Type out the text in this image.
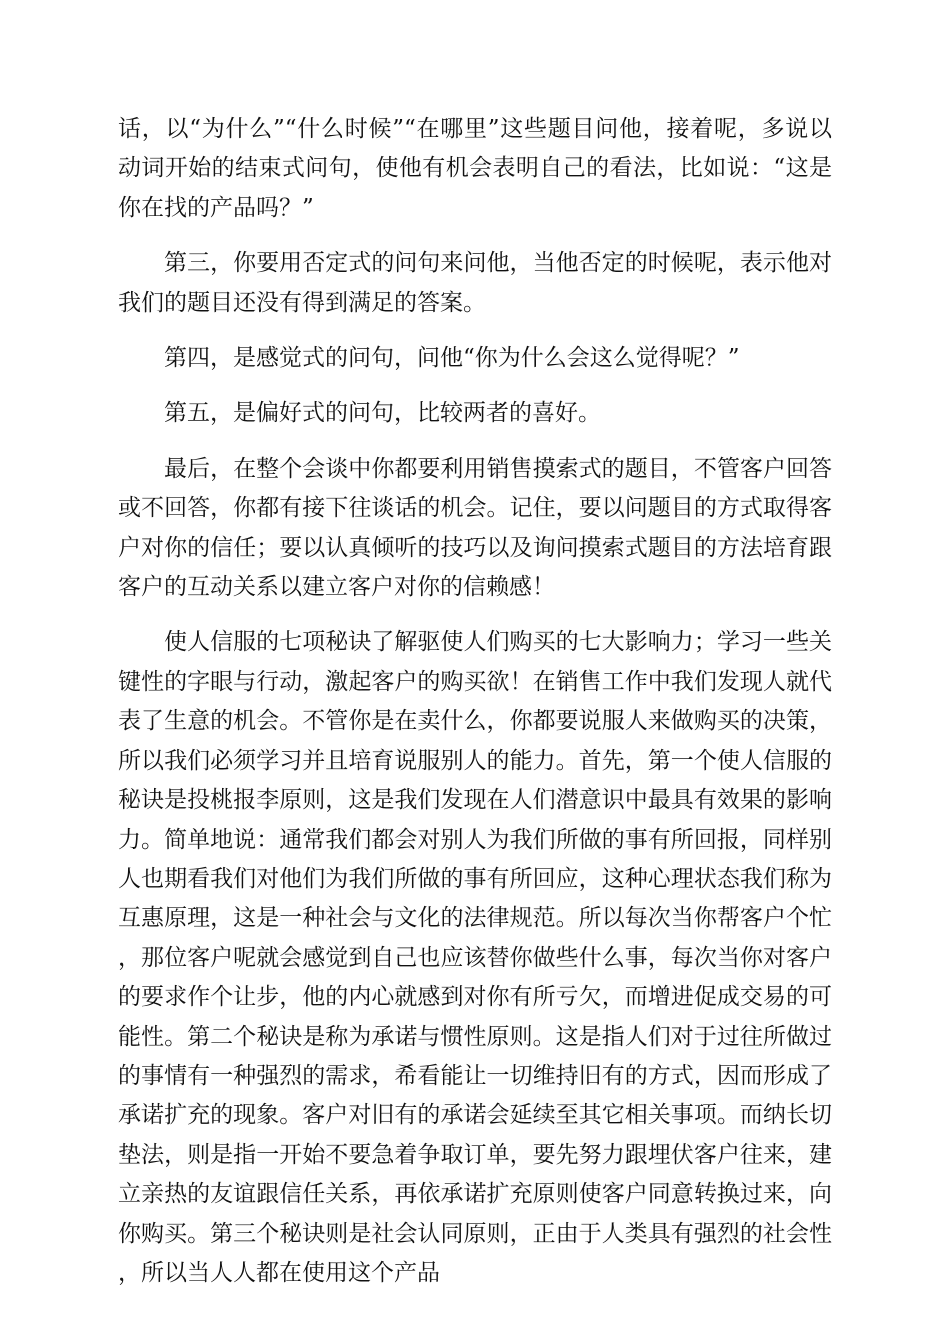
话，以“为什么”“什么时候”“在哪里”这些题目问他，接着呢，多说以动词开始的结束式问句，使他有机会表明自己的看法，比如说：“这是你在找的产品吗？”

第三，你要用否定式的问句来问他，当他否定的时候呢，表示他对我们的题目还没有得到满足的答案。

第四，是感觉式的问句，问他“你为什么会这么觉得呢？”

第五，是偏好式的问句，比较两者的喜好。

最后，在整个会谈中你都要利用销售摸索式的题目，不管客户回答或不回答，你都有接下往谈话的机会。记住，要以问题目的方式取得客户对你的信任；要以认真倾听的技巧以及询问摸索式题目的方法培育跟客户的互动关系以建立客户对你的信赖感！

使人信服的七项秘诀了解驱使人们购买的七大影响力；学习一些关键性的字眼与行动，激起客户的购买欲！在销售工作中我们发现人就代表了生意的机会。不管你是在卖什么，你都要说服人来做购买的决策，所以我们必须学习并且培育说服别人的能力。首先，第一个使人信服的秘诀是投桃报李原则，这是我们发现在人们潜意识中最具有效果的影响力。简单地说：通常我们都会对别人为我们所做的事有所回报，同样别人也期看我们对他们为我们所做的事有所回应，这种心理状态我们称为互惠原理，这是一种社会与文化的法律规范。所以每次当你帮客户个忙，那位客户呢就会感觉到自己也应该替你做些什么事，每次当你对客户的要求作个让步，他的内心就感到对你有所亏欠，而增进促成交易的可能性。第二个秘诀是称为承诺与惯性原则。这是指人们对于过往所做过的事情有一种强烈的需求，希看能让一切维持旧有的方式，因而形成了承诺扩充的现象。客户对旧有的承诺会延续至其它相关事项。而纳长切垫法，则是指一开始不要急着争取订单，要先努力跟埋伏客户往来，建立亲热的友谊跟信任关系，再依承诺扩充原则使客户同意转换过来，向你购买。第三个秘诀则是社会认同原则，正由于人类具有强烈的社会性，所以当人人都在使用这个产品
